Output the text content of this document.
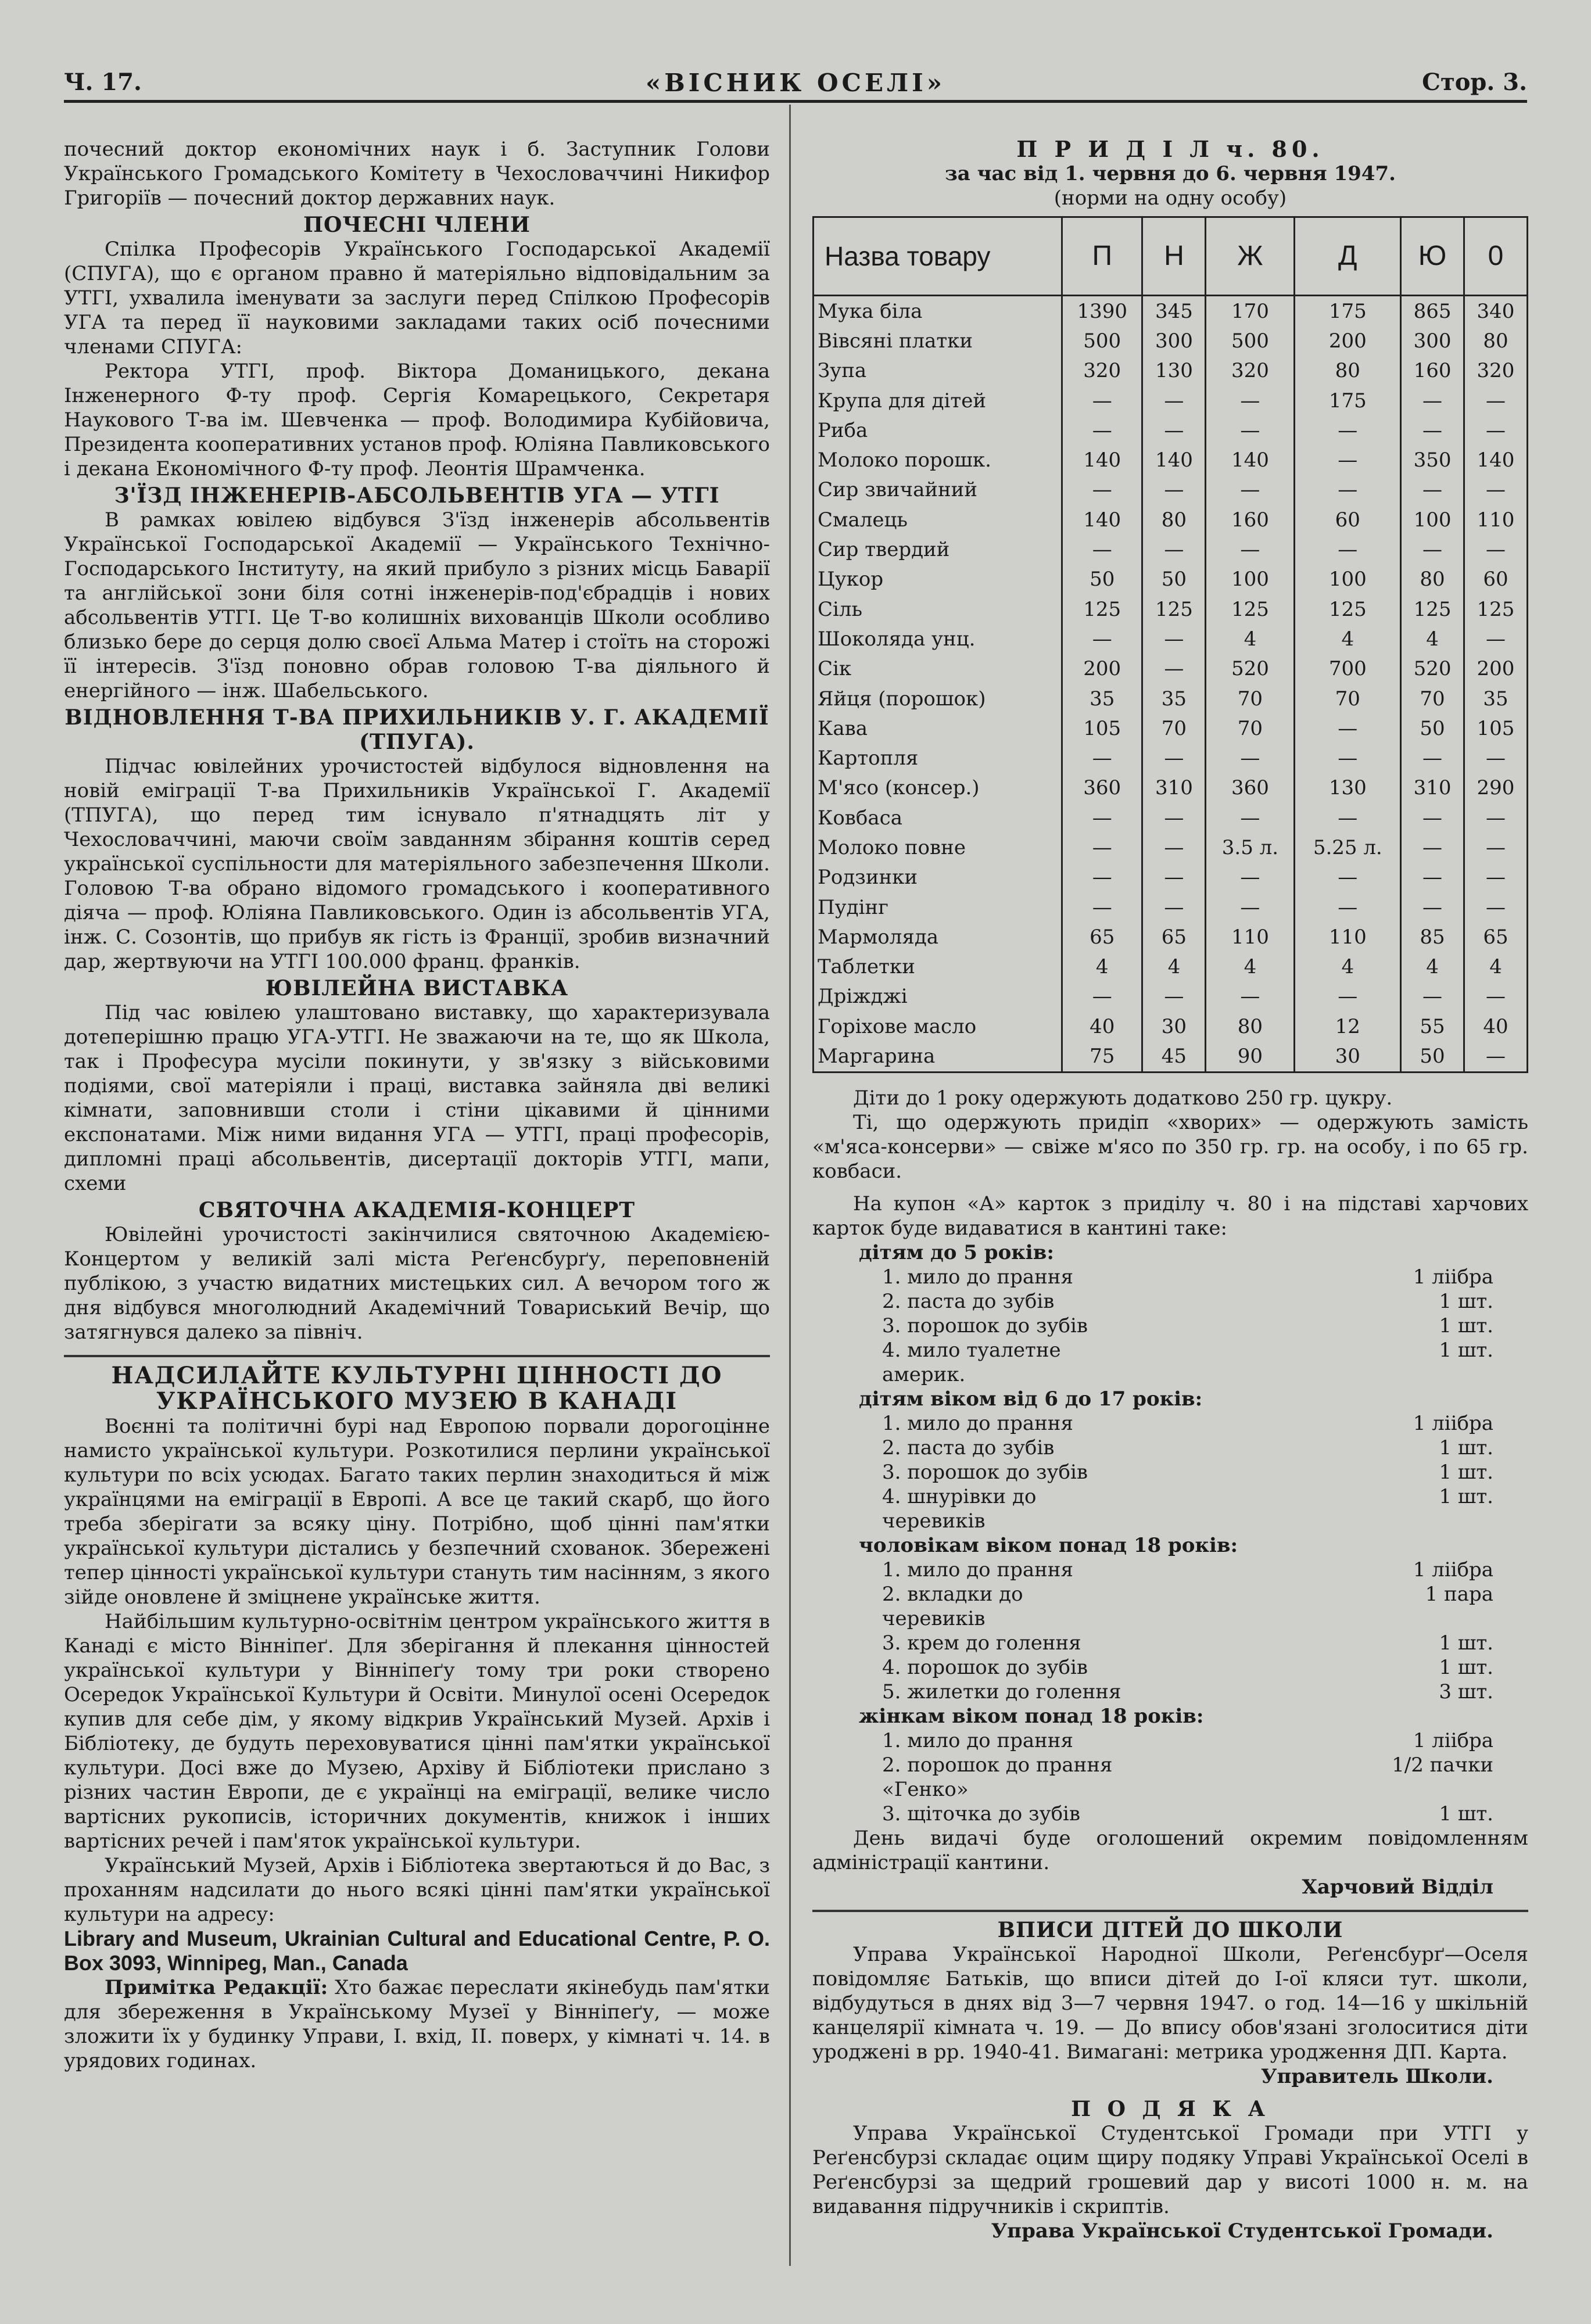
Ч. 17.	«ВІСНИК ОСЕЛІ»	Стор. 3.

почесний доктор економічних наук і б. Заступник Голови Українського Громадського Комітету в Чехословаччині Никифор Григоріїв — почесний доктор державних наук.

ПОЧЕСНІ ЧЛЕНИ

Спілка Професорів Українського Господарської Академії (СПУГА), що є органом правно й матеріяльно відповідальним за УТГІ, ухвалила іменувати за заслуги перед Спілкою Професорів УГА та перед її науковими закладами таких осіб почесними членами СПУГА:

Ректора УТГІ, проф. Віктора Доманицького, декана Інженерного Ф-ту проф. Сергія Комарецького, Секретаря Наукового Т-ва ім. Шевченка — проф. Володимира Кубійовича, Президента кооперативних установ проф. Юліяна Павликовського і декана Економічного Ф-ту проф. Леонтія Шрамченка.

З'ЇЗД ІНЖЕНЕРІВ-АБСОЛЬВЕНТІВ УГА — УТГІ

В рамках ювілею відбувся З'їзд інженерів абсольвентів Української Господарської Академії — Українського Технічно-Господарського Інституту, на який прибуло з різних місць Баварії та англійської зони біля сотні інженерів-под'єбрадців і нових абсольвентів УТГІ. Це Т-во колишніх вихованців Школи особливо близько бере до серця долю своєї Альма Матер і стоїть на сторожі її інтересів. З'їзд поновно обрав головою Т-ва діяльного й енергійного — інж. Шабельського.

ВІДНОВЛЕННЯ Т-ВА ПРИХИЛЬНИКІВ У. Г. АКАДЕМІЇ (ТПУГА).

Підчас ювілейних урочистостей відбулося відновлення на новій еміграції Т-ва Прихильників Української Г. Академії (ТПУГА), що перед тим існувало п'ятнадцять літ у Чехословаччині, маючи своїм завданням збірання коштів серед української суспільности для матеріяльного забезпечення Школи. Головою Т-ва обрано відомого громадського і кооперативного діяча — проф. Юліяна Павликовського. Один із абсольвентів УГА, інж. С. Созонтів, що прибув як гість із Франції, зробив визначний дар, жертвуючи на УТГІ 100.000 франц. франків.

ЮВІЛЕЙНА ВИСТАВКА

Під час ювілею улаштовано виставку, що характеризувала дотеперішню працю УГА-УТГІ. Не зважаючи на те, що як Школа, так і Професура мусіли покинути, у зв'язку з військовими подіями, свої матеріяли і праці, виставка зайняла дві великі кімнати, заповнивши столи і стіни цікавими й цінними експонатами. Між ними видання УГА — УТГІ, праці професорів, дипломні праці абсольвентів, дисертації докторів УТГІ, мапи, схеми

СВЯТОЧНА АКАДЕМІЯ-КОНЦЕРТ

Ювілейні урочистості закінчилися святочною Академією-Концертом у великій залі міста Реґенсбурґу, переповненій публікою, з участю видатних мистецьких сил. А вечором того ж дня відбувся многолюдний Академічний Товариський Вечір, що затягнувся далеко за північ.

НАДСИЛАЙТЕ КУЛЬТУРНІ ЦІННОСТІ ДО УКРАЇНСЬКОГО МУЗЕЮ В КАНАДІ

Воєнні та політичні бурі над Европою порвали дорогоцінне намисто української культури. Розкотилися перлини української культури по всіх усюдах. Багато таких перлин знаходиться й між українцями на еміграції в Европі. А все це такий скарб, що його треба зберігати за всяку ціну. Потрібно, щоб цінні пам'ятки української культури дістались у безпечний схованок. Збережені тепер цінності української культури стануть тим насінням, з якого зійде оновлене й зміцнене українське життя.

Найбільшим культурно-освітнім центром українського життя в Канаді є місто Вінніпеґ. Для зберігання й плекання цінностей української культури у Вінніпеґу тому три роки створено Осередок Української Культури й Освіти. Минулої осені Осередок купив для себе дім, у якому відкрив Український Музей. Архів і Бібліотеку, де будуть переховуватися цінні пам'ятки української культури. Досі вже до Музею, Архіву й Бібліотеки прислано з різних частин Европи, де є українці на еміграції, велике число вартісних рукописів, історичних документів, книжок і інших вартісних речей і пам'яток української культури.

Український Музей, Архів і Бібліотека звертаються й до Вас, з проханням надсилати до нього всякі цінні пам'ятки української культури на адресу:

Library and Museum, Ukrainian Cultural and Educational Centre, P. O. Box 3093, Winnipeg, Man., Canada

Примітка Редакції: Хто бажає переслати якінебудь пам'ятки для збереження в Українському Музеї у Вінніпеґу, — може зложити їх у будинку Управи, І. вхід, ІІ. поверх, у кімнаті ч. 14. в урядових годинах.

П Р И Д І Л ч. 80.
за час від 1. червня до 6. червня 1947.
(норми на одну особу)
Назва товару	П	Н	Ж	Д	Ю	0
Мука біла	1390	345	170	175	865	340
Вівсяні платки	500	300	500	200	300	80
Зупа	320	130	320	80	160	320
Крупа для дітей	—	—	—	175	—	—
Риба	—	—	—	—	—	—
Молоко порошк.	140	140	140	—	350	140
Сир звичайний	—	—	—	—	—	—
Смалець	140	80	160	60	100	110
Сир твердий	—	—	—	—	—	—
Цукор	50	50	100	100	80	60
Сіль	125	125	125	125	125	125
Шоколяда унц.	—	—	4	4	4	—
Сік	200	—	520	700	520	200
Яйця (порошок)	35	35	70	70	70	35
Кава	105	70	70	—	50	105
Картопля	—	—	—	—	—	—
М'ясо (консер.)	360	310	360	130	310	290
Ковбаса	—	—	—	—	—	—
Молоко повне	—	—	3.5 л.	5.25 л.	—	—
Родзинки	—	—	—	—	—	—
Пудінг	—	—	—	—	—	—
Мармоляда	65	65	110	110	85	65
Таблетки	4	4	4	4	4	4
Дріжджі	—	—	—	—	—	—
Горіхове масло	40	30	80	12	55	40
Маргарина	75	45	90	30	50	—

Діти до 1 року одержують додатково 250 гр. цукру.

Ті, що одержують придіп «хворих» — одержують замість «м'яса-консерви» — свіже м'ясо по 350 гр. гр. на особу, і по 65 гр. ковбаси.

На купон «А» карток з приділу ч. 80 і на підставі харчових карток буде видаватися в кантині таке:

дітям до 5 років:
1. мило до прання	1 ліібра
2. паста до зубів	1 шт.
3. порошок до зубів	1 шт.
4. мило туалетне америк.
1 шт.
дітям віком від 6 до 17 років:
1. мило до прання	1 ліібра
2. паста до зубів	1 шт.
3. порошок до зубів	1 шт.
4. шнурівки до черевиків
1 шт.
чоловікам віком понад 18 років:
1. мило до прання	1 ліібра
2. вкладки до черевиків
1 пара
3. крем до голення	1 шт.
4. порошок до зубів	1 шт.
5. жилетки до голення	3 шт.
жінкам віком понад 18 років:
1. мило до прання	1 ліібра
2. порошок до прання «Генко»
1/2 пачки
3. щіточка до зубів	1 шт.

День видачі буде оголошений окремим повідомленням адміністрації кантини.

Харчовий Відділ
ВПИСИ ДІТЕЙ ДО ШКОЛИ

Управа Української Народної Школи, Реґенсбурґ—Оселя повідомляє Батьків, що вписи дітей до І-ої кляси тут. школи, відбудуться в днях від 3—7 червня 1947. о год. 14—16 у шкільній канцелярії кімната ч. 19. — До впису обов'язані зголоситися діти уроджені в рр. 1940-41. Вимагані: метрика уродження ДП. Карта.

Управитель Школи.
П О Д Я К А

Управа Української Студентської Громади при УТГІ у Реґенсбурзі складає оцим щиру подяку Управі Української Оселі в Реґенсбурзі за щедрий грошевий дар у висоті 1000 н. м. на видавання підручників і скриптів.

Управа Української Студентської Громади.
